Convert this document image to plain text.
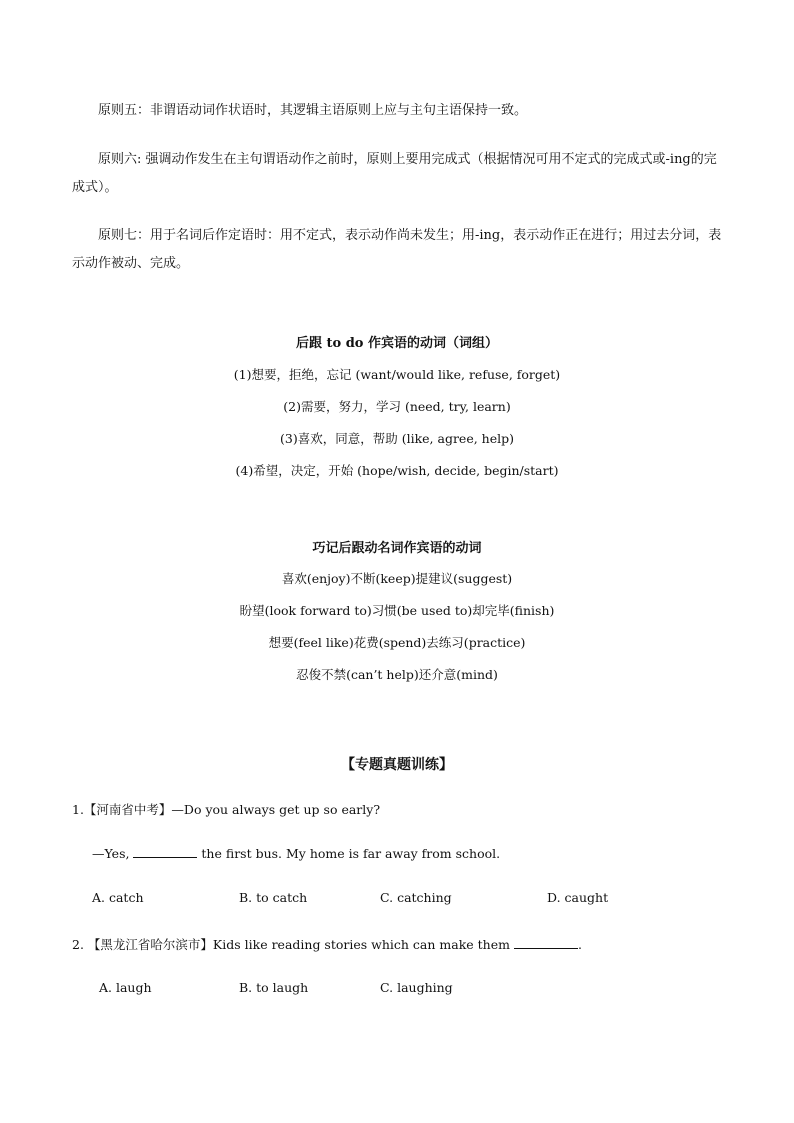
原则五：非谓语动词作状语时，其逻辑主语原则上应与主句主语保持一致。

原则六: 强调动作发生在主句谓语动作之前时，原则上要用完成式（根据情况可用不定式的完成式或-ing的完成式）。

原则七：用于名词后作定语时：用不定式，表示动作尚未发生；用-ing，表示动作正在进行；用过去分词，表示动作被动、完成。

后跟 to do 作宾语的动词（词组）

(1)想要，拒绝，忘记 (want/would like, refuse, forget)

(2)需要，努力，学习 (need, try, learn)

(3)喜欢，同意，帮助 (like, agree, help)

(4)希望，决定，开始 (hope/wish, decide, begin/start)

巧记后跟动名词作宾语的动词

喜欢(enjoy)不断(keep)提建议(suggest)

盼望(look forward to)习惯(be used to)却完毕(finish)

想要(feel like)花费(spend)去练习(practice)

忍俊不禁(can’t help)还介意(mind)

【专题真题训练】

1.【河南省中考】—Do you always get up so early?

—Yes,	the first bus. My home is far away from school.

A. catch	B. to catch	C. catching	D. caught

2. 【黑龙江省哈尔滨市】Kids like reading stories which can make them	.

A. laugh	B. to laugh	C. laughing
